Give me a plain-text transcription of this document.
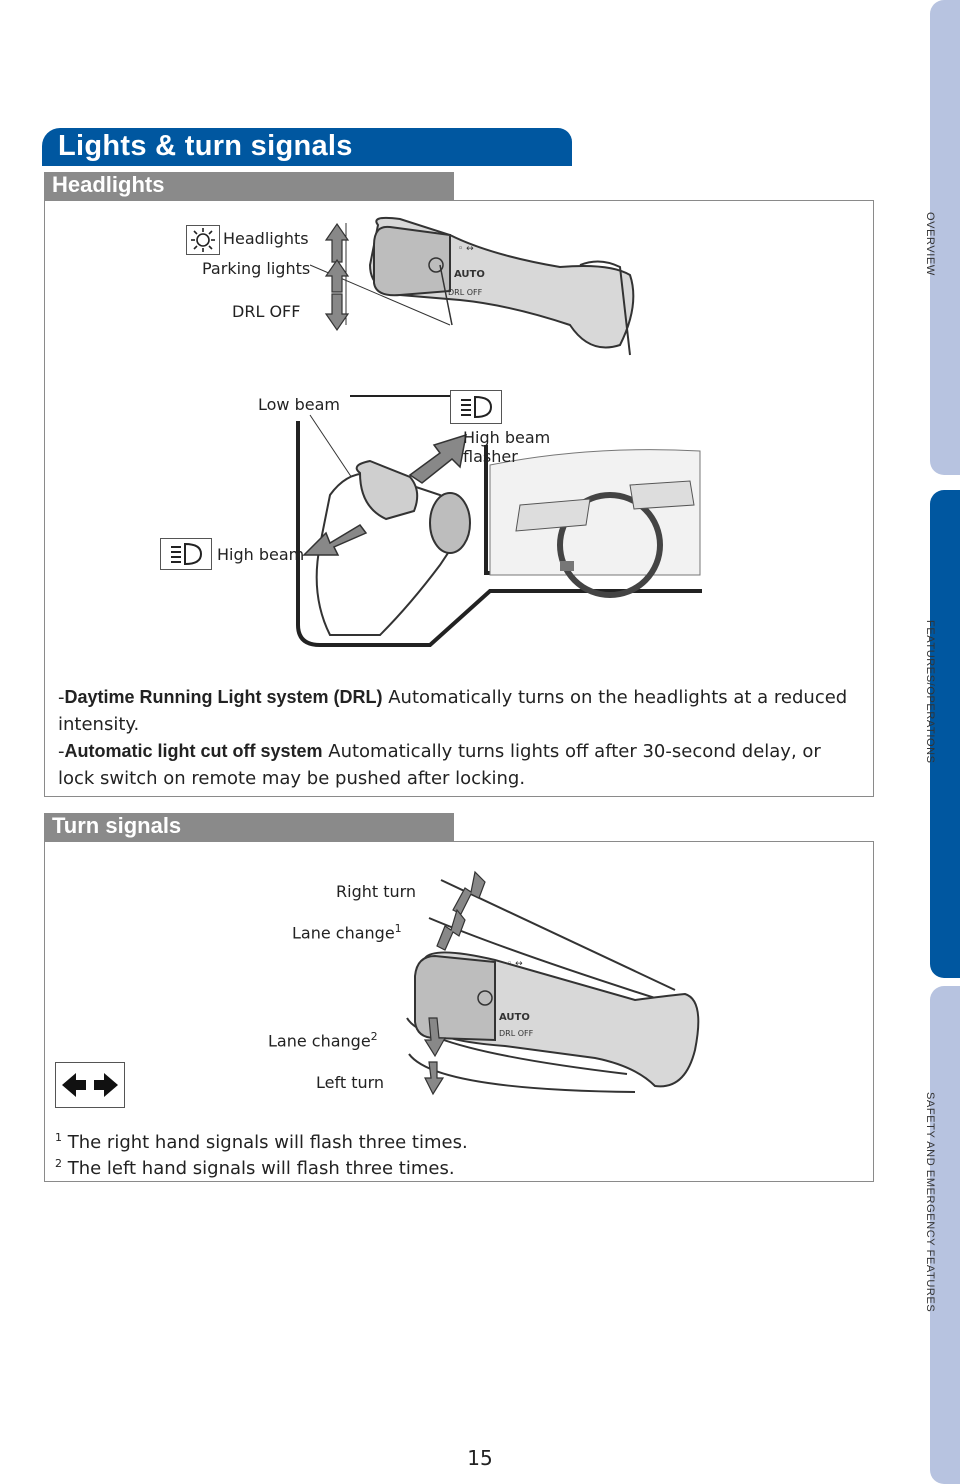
OVERVIEW
FEATURES/OPERATIONS
SAFETY AND EMERGENCY FEATURES
Lights & turn signals
Headlights
◦ ↔
AUTO
DRL OFF
Headlights
Parking lights
DRL OFF
Low beam
High beam
flasher
High beam
-Daytime Running Light system (DRL) Automatically turns on the headlights at a reduced intensity.
-Automatic light cut off system Automatically turns lights off after 30-second delay, or lock switch on remote may be pushed after locking.
Turn signals
AUTO
DRL OFF
◦ ↔
Right turn
Lane change$^1$
Lane change$^2$
Left turn
$^1$ The right hand signals will flash three times.
$^2$ The left hand signals will flash three times.
15
